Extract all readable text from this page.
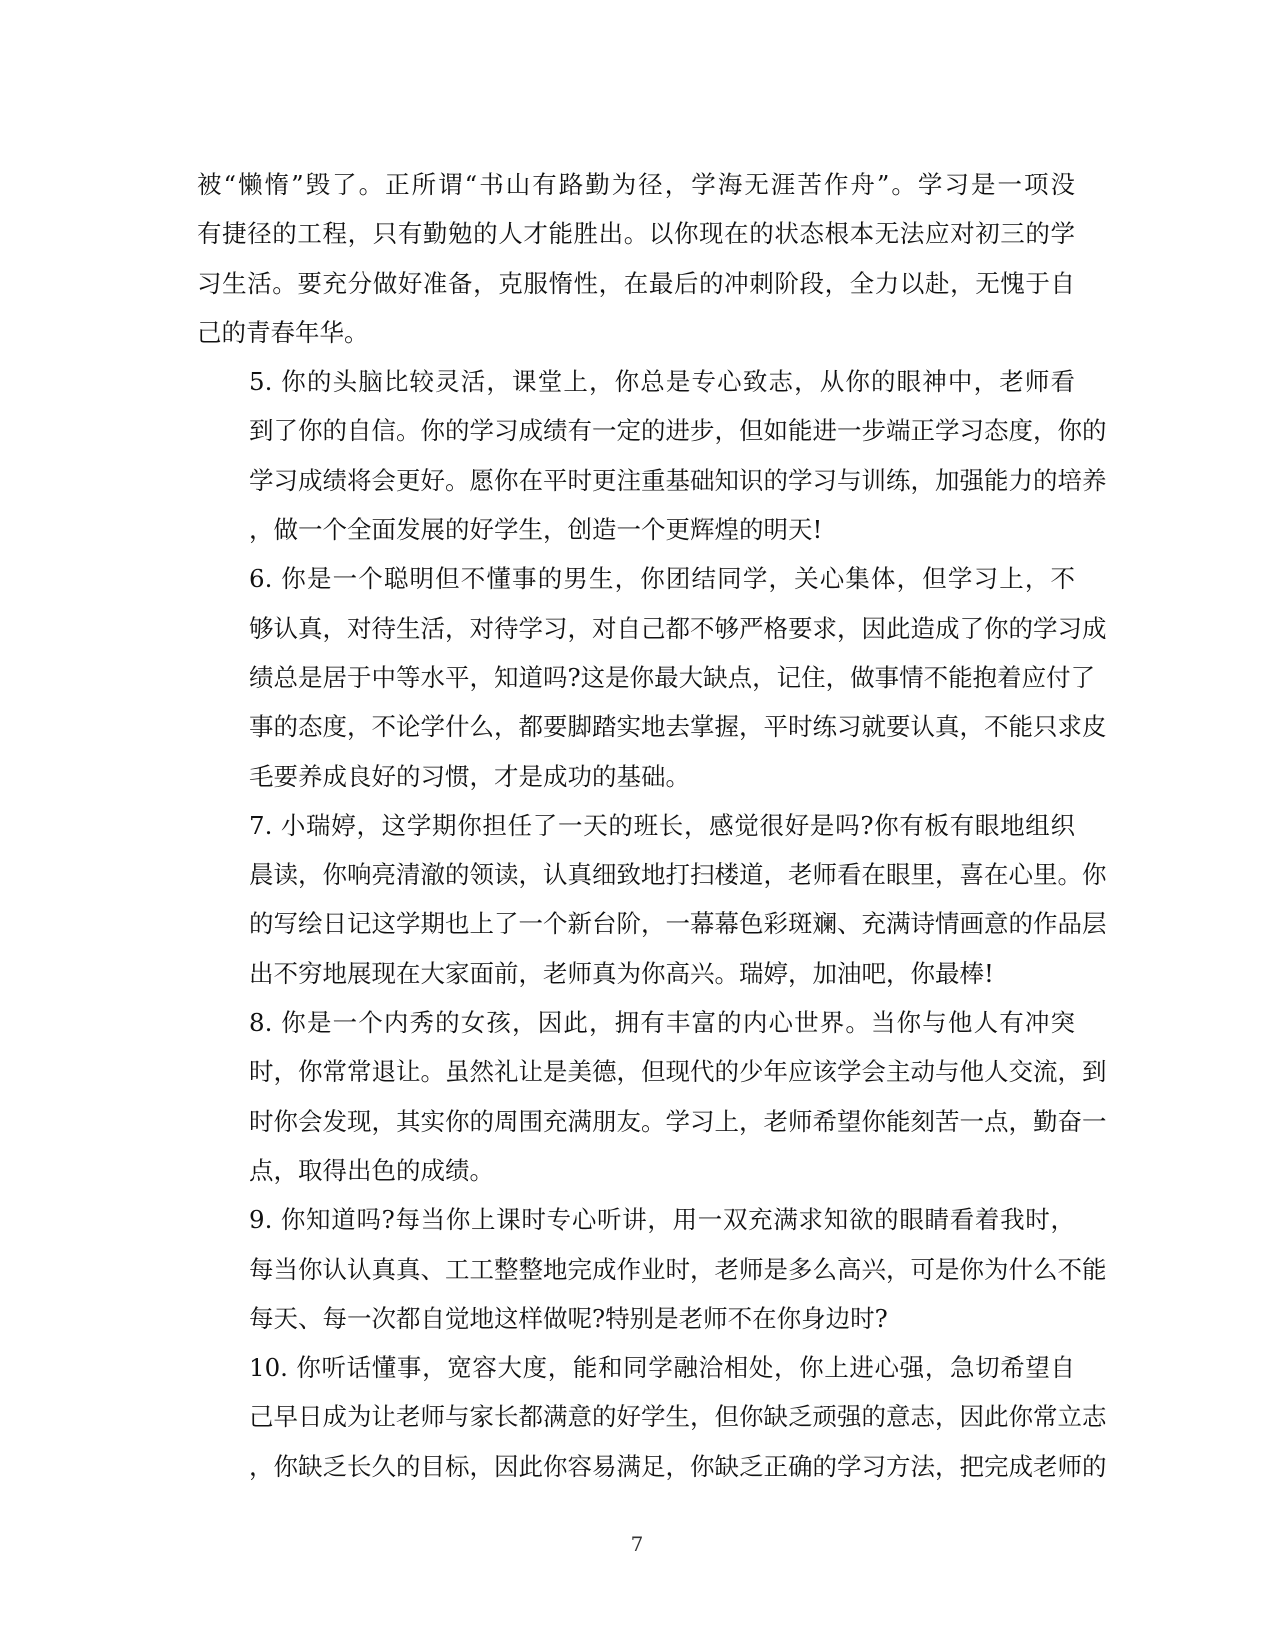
被“懒惰”毁了。正所谓“书山有路勤为径，学海无涯苦作舟”。学习是一项没
有捷径的工程，只有勤勉的人才能胜出。以你现在的状态根本无法应对初三的学
习生活。要充分做好准备，克服惰性，在最后的冲刺阶段，全力以赴，无愧于自
己的青春年华。

5. 你的头脑比较灵活，课堂上，你总是专心致志，从你的眼神中，老师看
到了你的自信。你的学习成绩有一定的进步，但如能进一步端正学习态度，你的
学习成绩将会更好。愿你在平时更注重基础知识的学习与训练，加强能力的培养
，做一个全面发展的好学生，创造一个更辉煌的明天!

6. 你是一个聪明但不懂事的男生，你团结同学，关心集体，但学习上，不
够认真，对待生活，对待学习，对自己都不够严格要求，因此造成了你的学习成
绩总是居于中等水平，知道吗?这是你最大缺点，记住，做事情不能抱着应付了
事的态度，不论学什么，都要脚踏实地去掌握，平时练习就要认真，不能只求皮
毛要养成良好的习惯，才是成功的基础。

7. 小瑞婷，这学期你担任了一天的班长，感觉很好是吗?你有板有眼地组织
晨读，你响亮清澈的领读，认真细致地打扫楼道，老师看在眼里，喜在心里。你
的写绘日记这学期也上了一个新台阶，一幕幕色彩斑斓、充满诗情画意的作品层
出不穷地展现在大家面前，老师真为你高兴。瑞婷，加油吧，你最棒!

8. 你是一个内秀的女孩，因此，拥有丰富的内心世界。当你与他人有冲突
时，你常常退让。虽然礼让是美德，但现代的少年应该学会主动与他人交流，到
时你会发现，其实你的周围充满朋友。学习上，老师希望你能刻苦一点，勤奋一
点，取得出色的成绩。

9. 你知道吗?每当你上课时专心听讲，用一双充满求知欲的眼睛看着我时，
每当你认认真真、工工整整地完成作业时，老师是多么高兴，可是你为什么不能
每天、每一次都自觉地这样做呢?特别是老师不在你身边时?

10. 你听话懂事，宽容大度，能和同学融洽相处，你上进心强，急切希望自
己早日成为让老师与家长都满意的好学生，但你缺乏顽强的意志，因此你常立志
，你缺乏长久的目标，因此你容易满足，你缺乏正确的学习方法，把完成老师的

7
